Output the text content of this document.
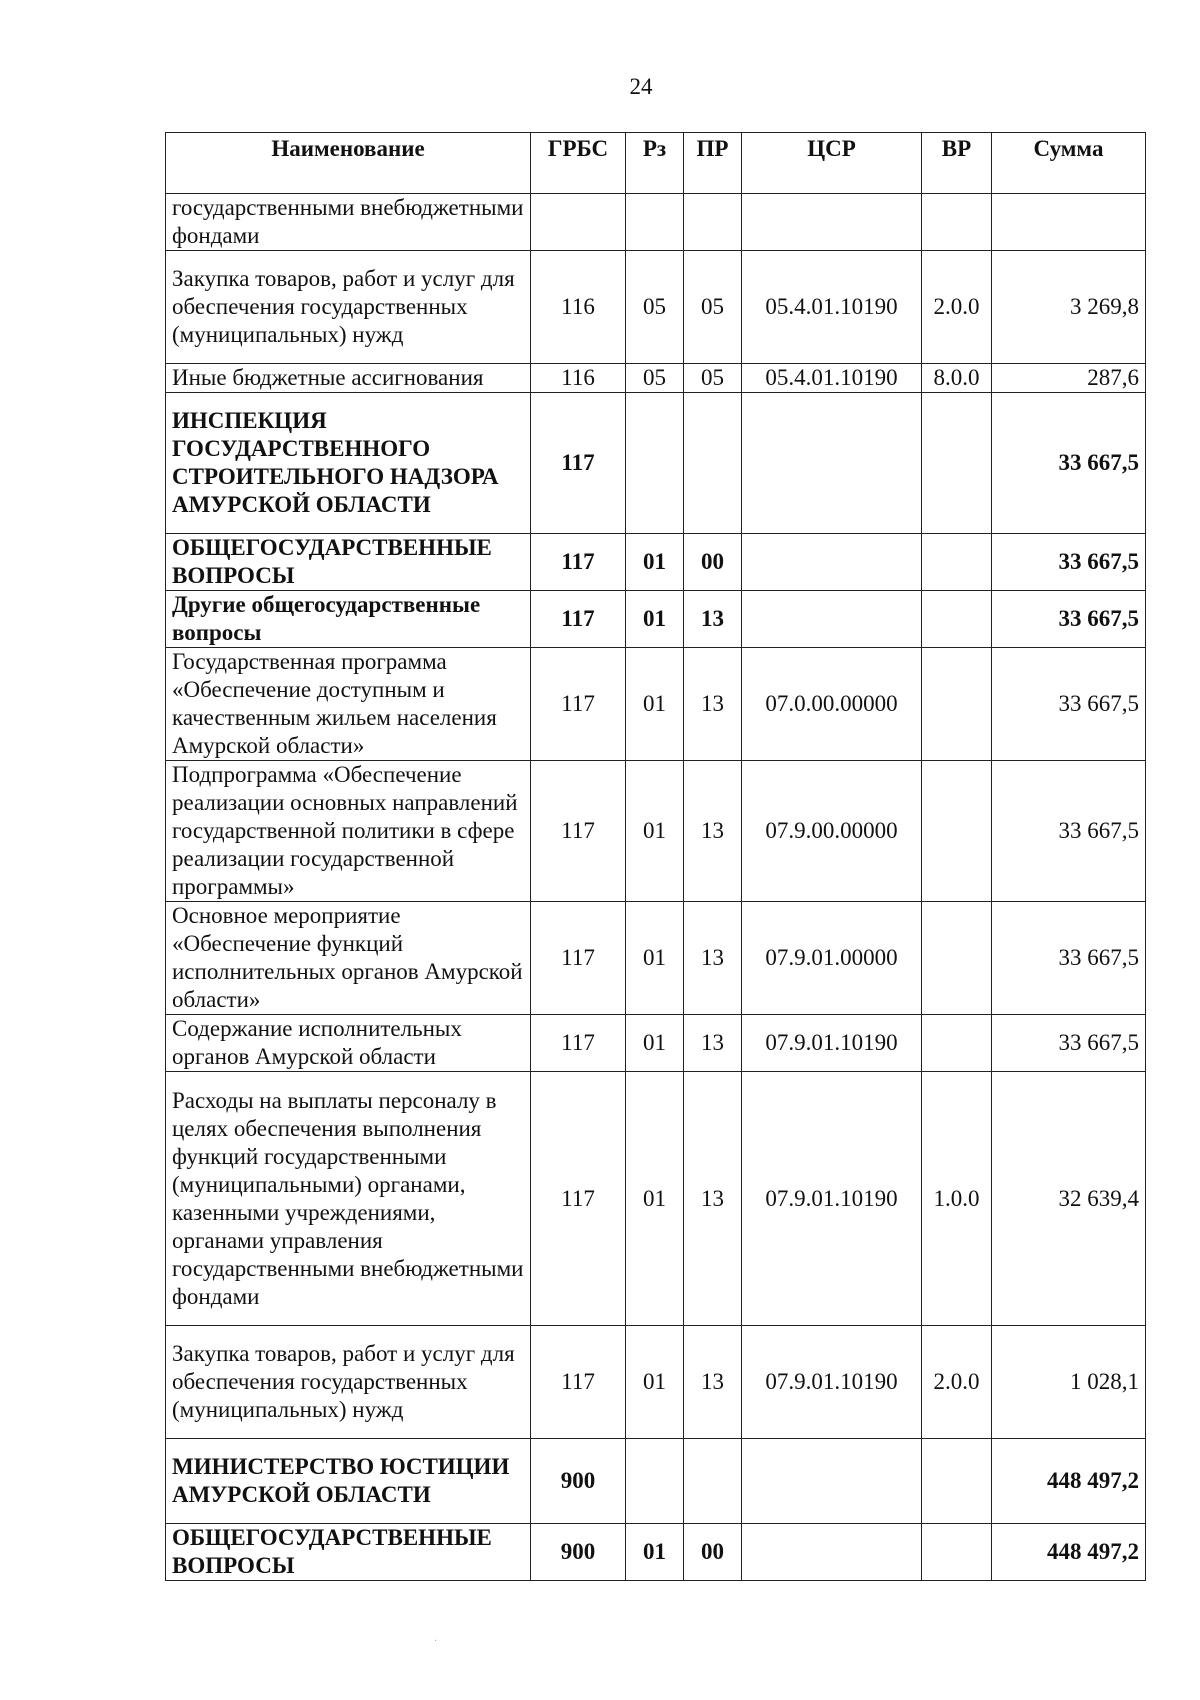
24
Наименование	ГРБС	Рз	ПР	ЦСР	ВР	Сумма
государственными внебюджетными фондами						
Закупка товаров, работ и услуг для обеспечения государственных (муниципальных) нужд	116	05	05	05.4.01.10190	2.0.0	3 269,8
Иные бюджетные ассигнования	116	05	05	05.4.01.10190	8.0.0	287,6
ИНСПЕКЦИЯ ГОСУДАРСТВЕННОГО СТРОИТЕЛЬНОГО НАДЗОРА АМУРСКОЙ ОБЛАСТИ	117					33 667,5
ОБЩЕГОСУДАРСТВЕННЫЕ ВОПРОСЫ	117	01	00			33 667,5
Другие общегосударственные вопросы	117	01	13			33 667,5
Государственная программа «Обеспечение доступным и качественным жильем населения Амурской области»	117	01	13	07.0.00.00000		33 667,5
Подпрограмма «Обеспечение реализации основных направлений государственной политики в сфере реализации государственной программы»	117	01	13	07.9.00.00000		33 667,5
Основное мероприятие «Обеспечение функций исполнительных органов Амурской области»	117	01	13	07.9.01.00000		33 667,5
Содержание исполнительных органов Амурской области	117	01	13	07.9.01.10190		33 667,5
Расходы на выплаты персоналу в целях обеспечения выполнения функций государственными (муниципальными) органами, казенными учреждениями, органами управления государственными внебюджетными фондами	117	01	13	07.9.01.10190	1.0.0	32 639,4
Закупка товаров, работ и услуг для обеспечения государственных (муниципальных) нужд	117	01	13	07.9.01.10190	2.0.0	1 028,1
МИНИСТЕРСТВО ЮСТИЦИИ АМУРСКОЙ ОБЛАСТИ	900					448 497,2
ОБЩЕГОСУДАРСТВЕННЫЕ ВОПРОСЫ	900	01	00			448 497,2
·
